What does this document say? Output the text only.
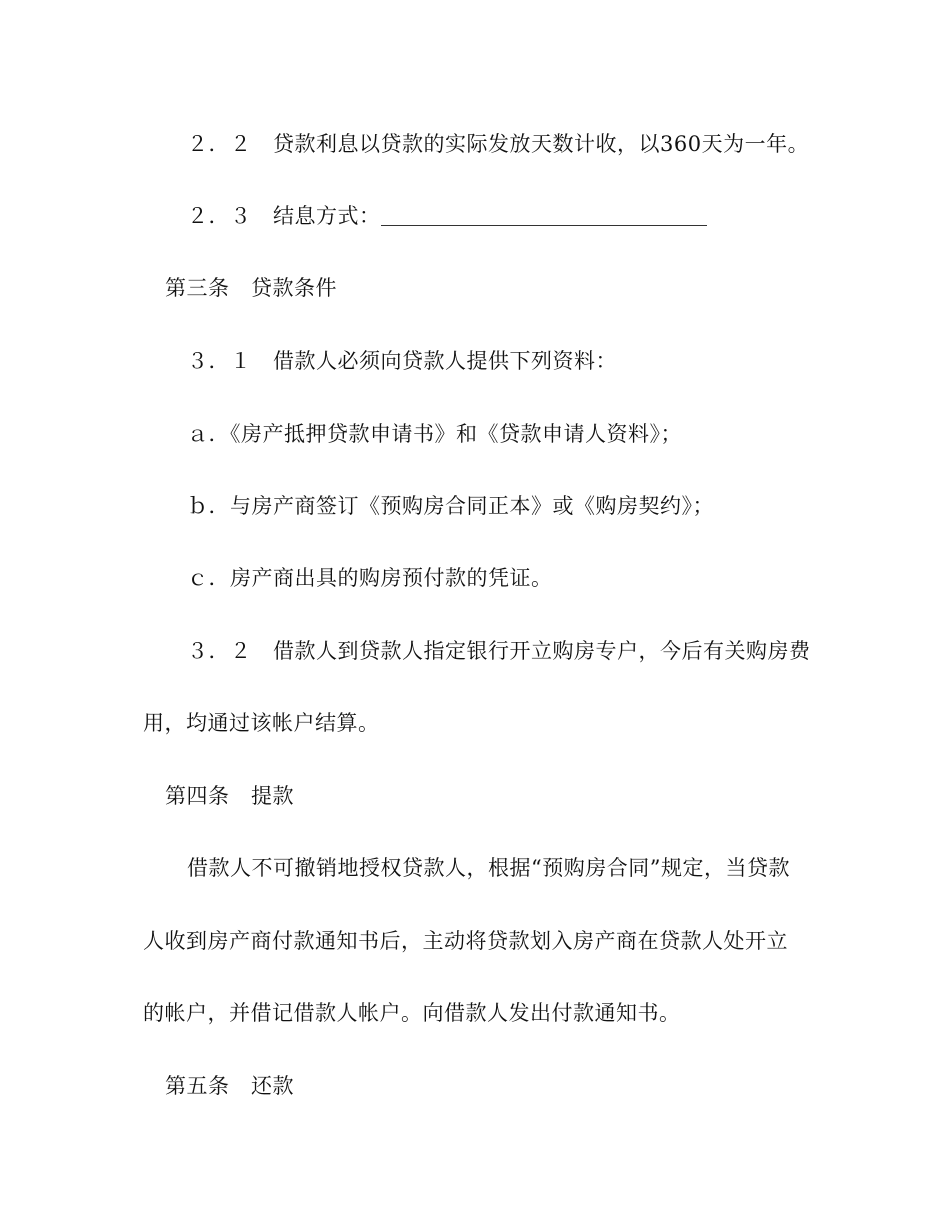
２．２　贷款利息以贷款的实际发放天数计收，以360天为一年。
２．３　结息方式：
第三条　贷款条件
３．１　借款人必须向贷款人提供下列资料：
ａ．《房产抵押贷款申请书》和《贷款申请人资料》；
ｂ．与房产商签订《预购房合同正本》或《购房契约》；
ｃ．房产商出具的购房预付款的凭证。
３．２　借款人到贷款人指定银行开立购房专户，今后有关购房费
用，均通过该帐户结算。
第四条　提款
借款人不可撤销地授权贷款人，根据“预购房合同”规定，当贷款
人收到房产商付款通知书后，主动将贷款划入房产商在贷款人处开立
的帐户，并借记借款人帐户。向借款人发出付款通知书。
第五条　还款
